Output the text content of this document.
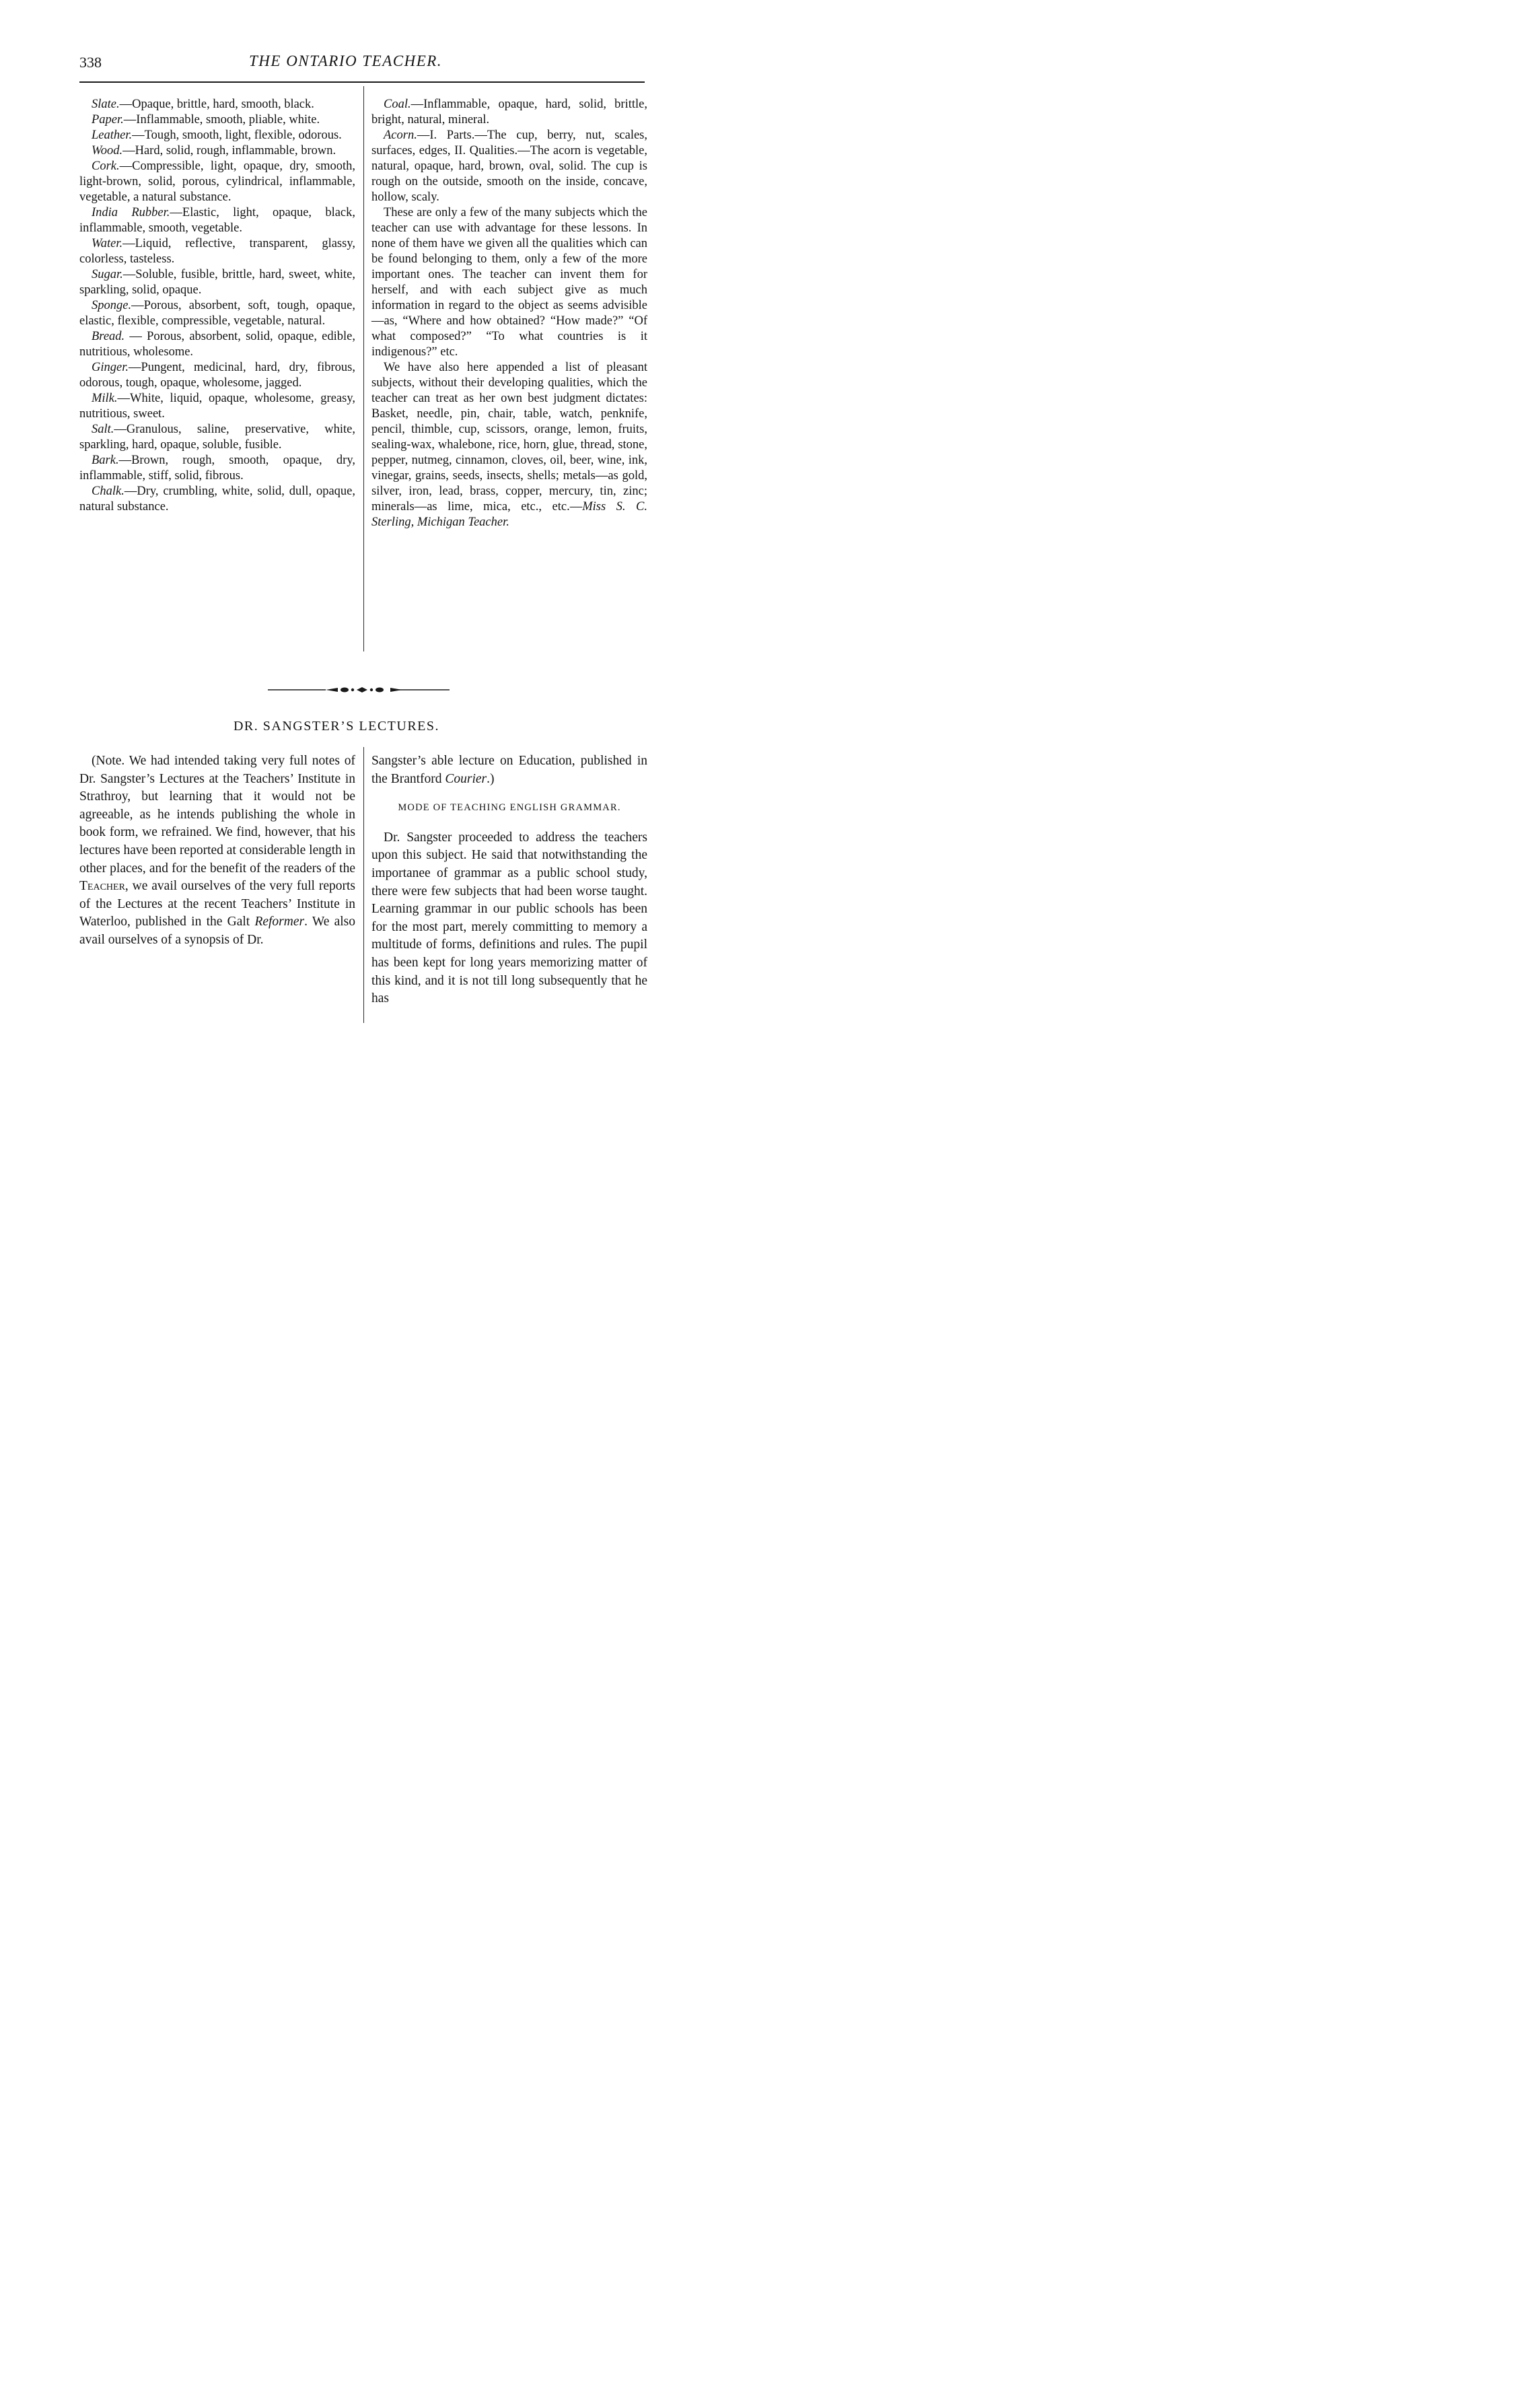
338	THE ONTARIO TEACHER.

Slate.—Opaque, brittle, hard, smooth, black.

Paper.—Inflammable, smooth, pliable, white.

Leather.—Tough, smooth, light, flexible, odorous.

Wood.—Hard, solid, rough, inflammable, brown.

Cork.—Compressible, light, opaque, dry, smooth, light-brown, solid, porous, cylindrical, inflammable, vegetable, a natural substance.

India Rubber.—Elastic, light, opaque, black, inflammable, smooth, vegetable.

Water.—Liquid, reflective, transparent, glassy, colorless, tasteless.

Sugar.—Soluble, fusible, brittle, hard, sweet, white, sparkling, solid, opaque.

Sponge.—Porous, absorbent, soft, tough, opaque, elastic, flexible, compressible, vegetable, natural.

Bread. — Porous, absorbent, solid, opaque, edible, nutritious, wholesome.

Ginger.—Pungent, medicinal, hard, dry, fibrous, odorous, tough, opaque, wholesome, jagged.

Milk.—White, liquid, opaque, wholesome, greasy, nutritious, sweet.

Salt.—Granulous, saline, preservative, white, sparkling, hard, opaque, soluble, fusible.

Bark.—Brown, rough, smooth, opaque, dry, inflammable, stiff, solid, fibrous.

Chalk.—Dry, crumbling, white, solid, dull, opaque, natural substance.

Coal.—Inflammable, opaque, hard, solid, brittle, bright, natural, mineral.

Acorn.—I. Parts.—The cup, berry, nut, scales, surfaces, edges, II. Qualities.—The acorn is vegetable, natural, opaque, hard, brown, oval, solid. The cup is rough on the outside, smooth on the inside, concave, hollow, scaly.

These are only a few of the many subjects which the teacher can use with advantage for these lessons. In none of them have we given all the qualities which can be found belonging to them, only a few of the more important ones. The teacher can invent them for herself, and with each subject give as much information in regard to the object as seems advisible—as, “Where and how obtained? “How made?” “Of what composed?” “To what countries is it indigenous?” etc.

We have also here appended a list of pleasant subjects, without their developing qualities, which the teacher can treat as her own best judgment dictates: Basket, needle, pin, chair, table, watch, penknife, pencil, thimble, cup, scissors, orange, lemon, fruits, sealing-wax, whalebone, rice, horn, glue, thread, stone, pepper, nutmeg, cinnamon, cloves, oil, beer, wine, ink, vinegar, grains, seeds, insects, shells; metals—as gold, silver, iron, lead, brass, copper, mercury, tin, zinc; minerals—as lime, mica, etc., etc.—Miss S. C. Sterling, Michigan Teacher.

DR. SANGSTER’S LECTURES.

(Note. We had intended taking very full notes of Dr. Sangster’s Lectures at the Teachers’ Institute in Strathroy, but learning that it would not be agreeable, as he intends publishing the whole in book form, we refrained. We find, however, that his lectures have been reported at considerable length in other places, and for the benefit of the readers of the Teacher, we avail ourselves of the very full reports of the Lectures at the recent Teachers’ Institute in Waterloo, published in the Galt Reformer. We also avail ourselves of a synopsis of Dr.

Sangster’s able lecture on Education, published in the Brantford Courier.)

MODE OF TEACHING ENGLISH GRAMMAR.

Dr. Sangster proceeded to address the teachers upon this subject. He said that notwithstanding the importanee of grammar as a public school study, there were few subjects that had been worse taught. Learning grammar in our public schools has been for the most part, merely committing to memory a multitude of forms, definitions and rules. The pupil has been kept for long years memorizing matter of this kind, and it is not till long subsequently that he has
